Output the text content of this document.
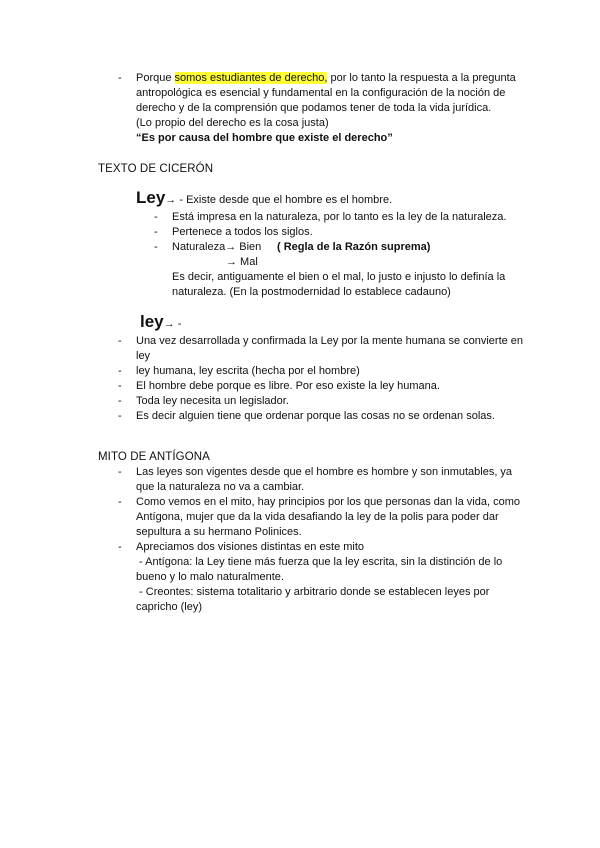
- Porque somos estudiantes de derecho, por lo tanto la respuesta a la pregunta
antropológica es esencial y fundamental en la configuración de la noción de
derecho y de la comprensión que podamos tener de toda la vida jurídica.
(Lo propio del derecho es la cosa justa)
“Es por causa del hombre que existe el derecho”
TEXTO DE CICERÓN
Ley→ - Existe desde que el hombre es el hombre.
- Está impresa en la naturaleza, por lo tanto es la ley de la naturaleza.
- Pertenece a todos los siglos.
- Naturaleza→ Bien ( Regla de la Razón suprema)
→ Mal
Es decir, antiguamente el bien o el mal, lo justo e injusto lo definía la
naturaleza. (En la postmodernidad lo establece cadauno)
ley→ -
- Una vez desarrollada y confirmada la Ley por la mente humana se convierte en
ley
- ley humana, ley escrita (hecha por el hombre)
- El hombre debe porque es libre. Por eso existe la ley humana.
- Toda ley necesita un legislador.
- Es decir alguien tiene que ordenar porque las cosas no se ordenan solas.
MITO DE ANTÍGONA
- Las leyes son vigentes desde que el hombre es hombre y son inmutables, ya
que la naturaleza no va a cambiar.
- Como vemos en el mito, hay principios por los que personas dan la vida, como
Antígona, mujer que da la vida desafiando la ley de la polis para poder dar
sepultura a su hermano Polinices.
- Apreciamos dos visiones distintas en este mito
- Antígona: la Ley tiene más fuerza que la ley escrita, sin la distinción de lo
bueno y lo malo naturalmente.
- Creontes: sistema totalitario y arbitrario donde se establecen leyes por
capricho (ley)
